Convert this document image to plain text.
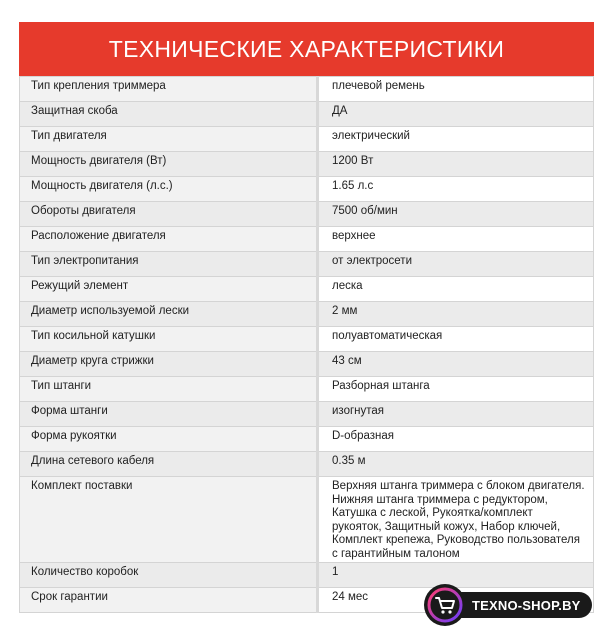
ТЕХНИЧЕСКИЕ ХАРАКТЕРИСТИКИ
Тип крепления триммера	плечевой ремень
Защитная скоба	ДА
Тип двигателя	электрический
Мощность двигателя (Вт)	1200 Вт
Мощность двигателя (л.с.)	1.65 л.с
Обороты двигателя	7500 об/мин
Расположение двигателя	верхнее
Тип электропитания	от электросети
Режущий элемент	леска
Диаметр используемой лески	2 мм
Тип косильной катушки	полуавтоматическая
Диаметр круга стрижки	43 см
Тип штанги	Разборная штанга
Форма штанги	изогнутая
Форма рукоятки	D-образная
Длина сетевого кабеля	0.35 м
Комплект поставки	Верхняя штанга триммера с блоком двигателя. Нижняя штанга триммера с редуктором, Катушка с леской, Рукоятка/комплект рукояток, Защитный кожух, Набор ключей, Комплект крепежа, Руководство пользователя с гарантийным талоном
Количество коробок	1
Срок гарантии	24 мес
TEXNO-SHOP.BY
